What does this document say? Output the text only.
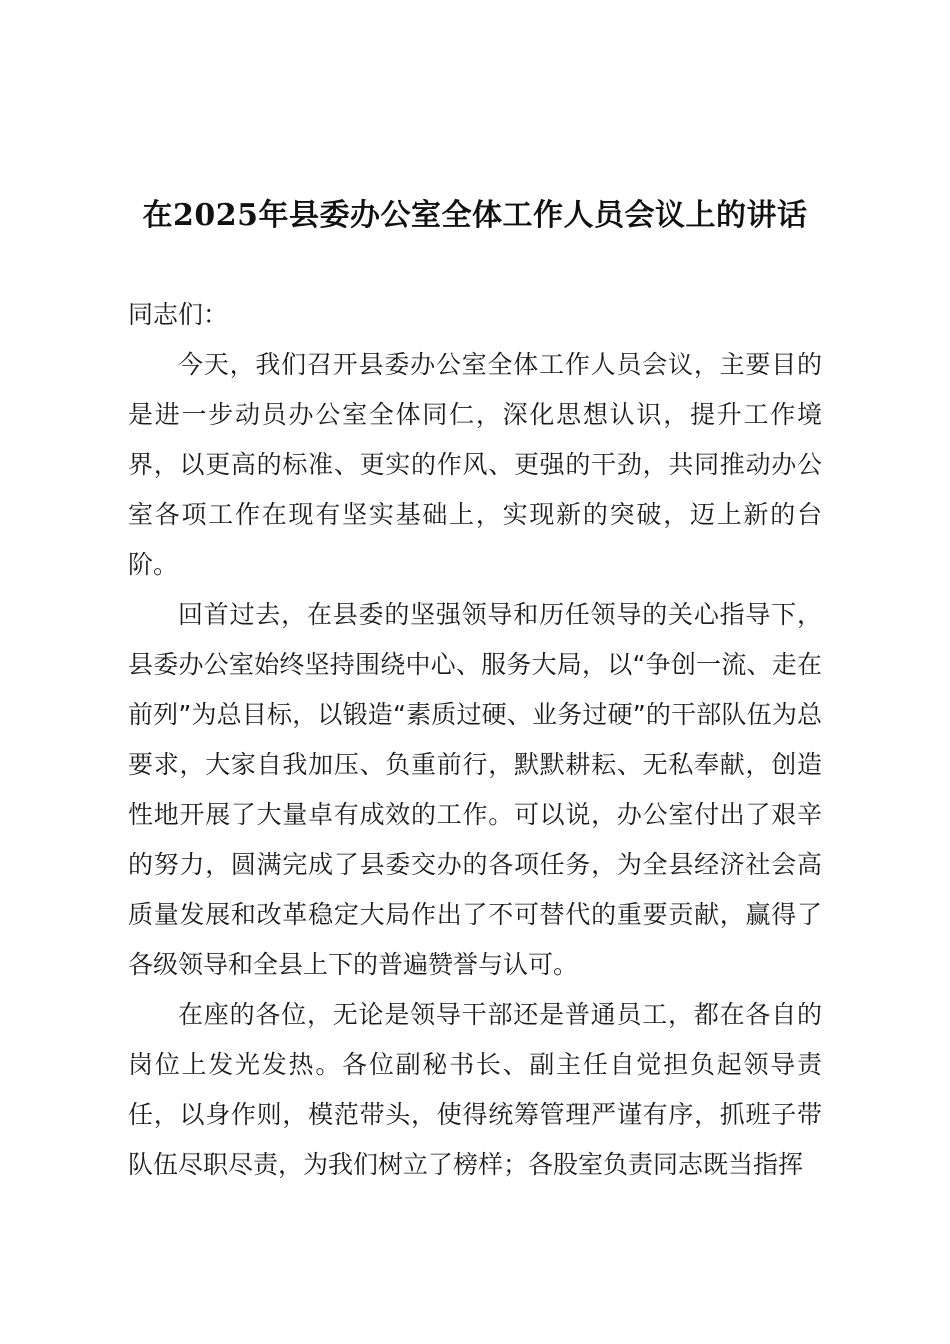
在2025年县委办公室全体工作人员会议上的讲话

同志们：

今天，我们召开县委办公室全体工作人员会议，主要目的是进一步动员办公室全体同仁，深化思想认识，提升工作境界，以更高的标准、更实的作风、更强的干劲，共同推动办公室各项工作在现有坚实基础上，实现新的突破，迈上新的台阶。

回首过去，在县委的坚强领导和历任领导的关心指导下，县委办公室始终坚持围绕中心、服务大局，以“争创一流、走在前列”为总目标，以锻造“素质过硬、业务过硬”的干部队伍为总要求，大家自我加压、负重前行，默默耕耘、无私奉献，创造性地开展了大量卓有成效的工作。可以说，办公室付出了艰辛的努力，圆满完成了县委交办的各项任务，为全县经济社会高质量发展和改革稳定大局作出了不可替代的重要贡献，赢得了各级领导和全县上下的普遍赞誉与认可。

在座的各位，无论是领导干部还是普通员工，都在各自的岗位上发光发热。各位副秘书长、副主任自觉担负起领导责任，以身作则，模范带头，使得统筹管理严谨有序，抓班子带队伍尽职尽责，为我们树立了榜样；各股室负责同志既当指挥
